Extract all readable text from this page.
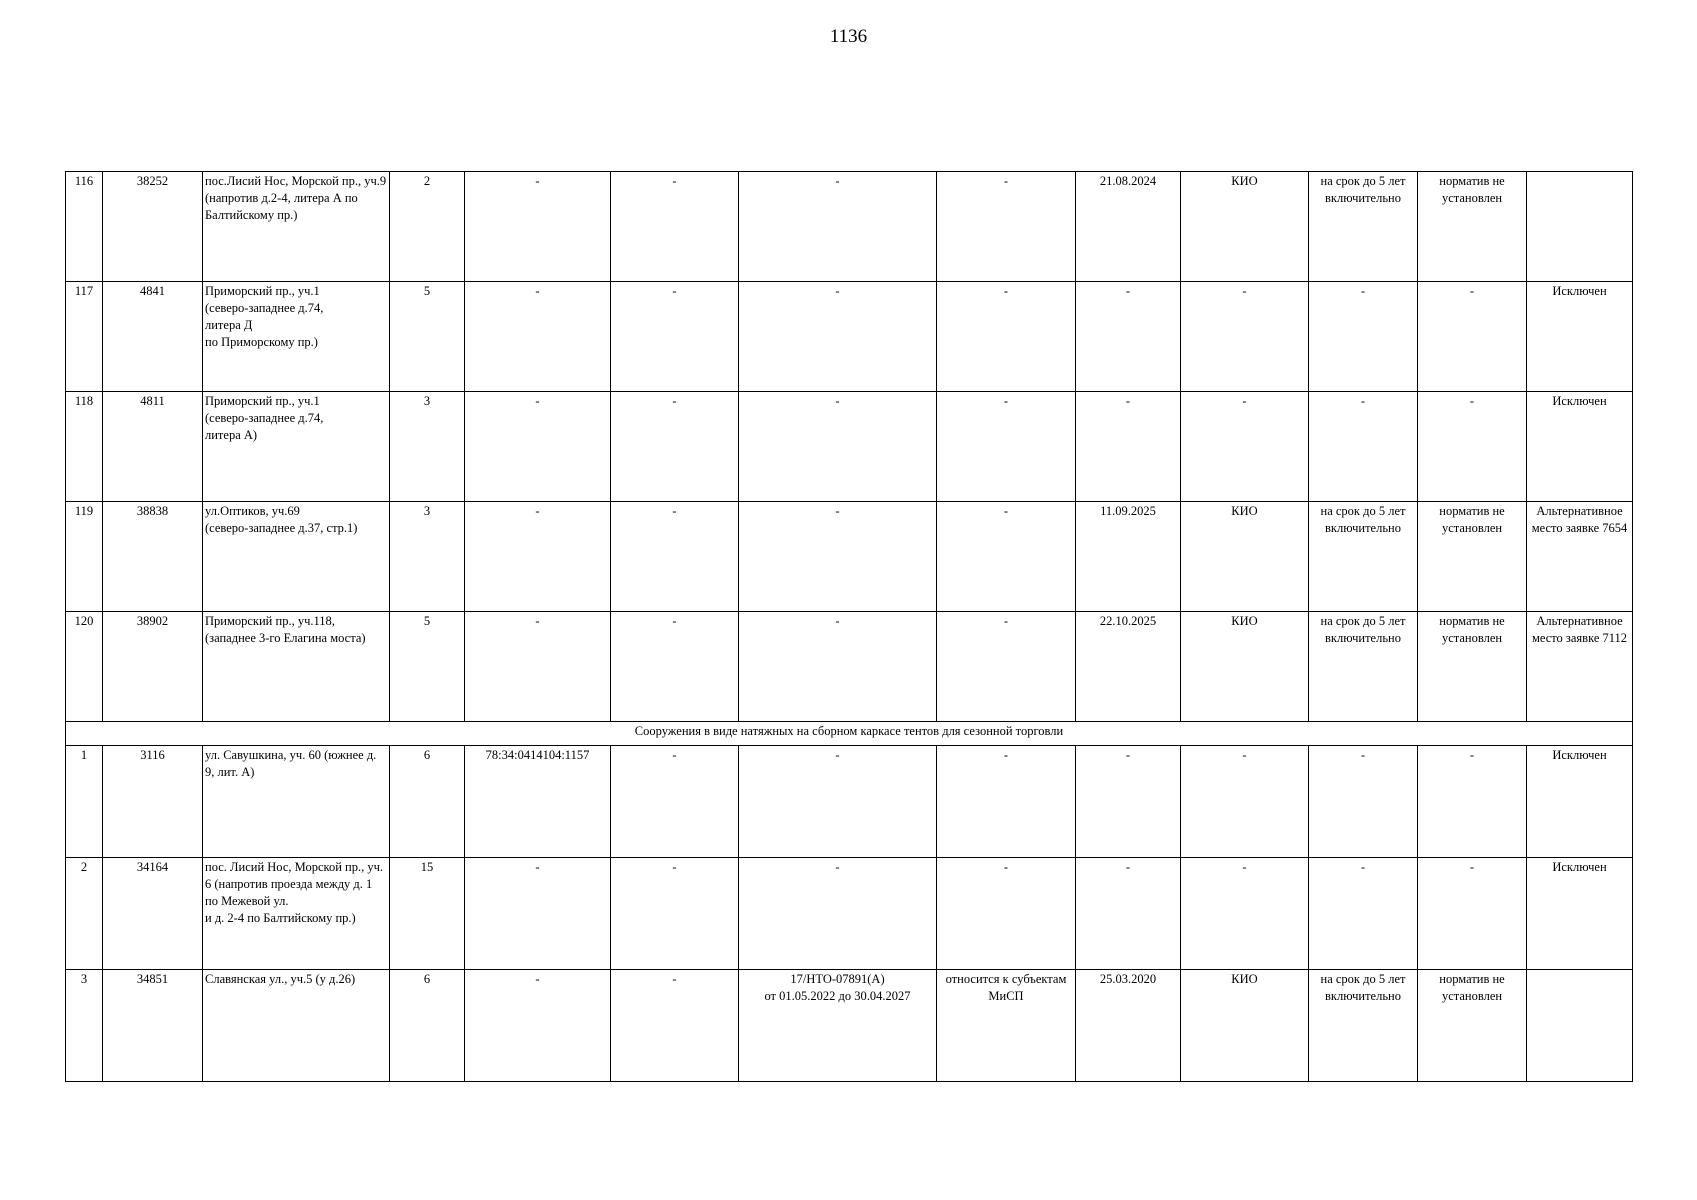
1136
116	38252	пос.Лисий Нос, Морской пр., уч.9 (напротив д.2-4, литера А по Балтийскому пр.)	2	-	-	-	-	21.08.2024	КИО	на срок до 5 лет включительно	норматив не установлен	
117	4841	Приморский пр., уч.1
(северо-западнее д.74,
литера Д
по Приморскому пр.)	5	-	-	-	-	-	-	-	-	Исключен
118	4811	Приморский пр., уч.1
(северо-западнее д.74,
литера А)	3	-	-	-	-	-	-	-	-	Исключен
119	38838	ул.Оптиков, уч.69
(северо-западнее д.37, стр.1)	3	-	-	-	-	11.09.2025	КИО	на срок до 5 лет включительно	норматив не установлен	Альтернативное место заявке 7654
120	38902	Приморский пр., уч.118,
(западнее 3-го Елагина моста)	5	-	-	-	-	22.10.2025	КИО	на срок до 5 лет включительно	норматив не установлен	Альтернативное место заявке 7112
Сооружения в виде натяжных на сборном каркасе тентов для сезонной торговли												
1	3116	ул. Савушкина, уч. 60 (южнее д. 9, лит. А)	6	78:34:0414104:1157	-	-	-	-	-	-	-	Исключен
2	34164	пос. Лисий Нос, Морской пр., уч. 6 (напротив проезда между д. 1 по Межевой ул.
и д. 2-4 по Балтийскому пр.)	15	-	-	-	-	-	-	-	-	Исключен
3	34851	Славянская ул., уч.5 (у д.26)	6	-	-	17/НТО-07891(А)
от 01.05.2022 до 30.04.2027	относится к субъектам МиСП	25.03.2020	КИО	на срок до 5 лет включительно	норматив не установлен	
